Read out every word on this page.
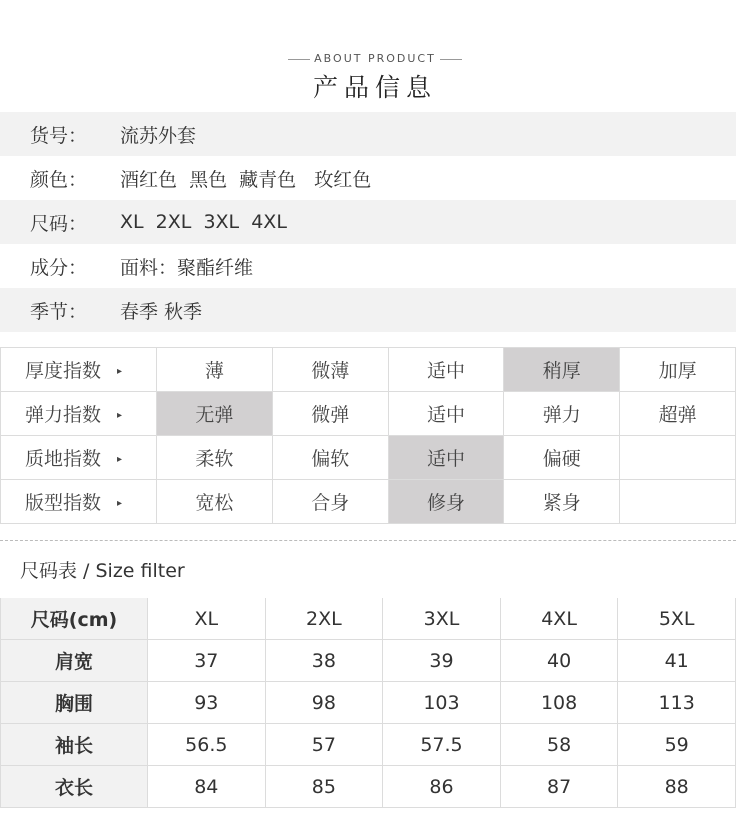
ABOUT PRODUCT
产品信息
货号：	流苏外套
颜色：	酒红色  黑色  藏青色   玫红色
尺码：	XL  2XL  3XL  4XL
成分：	面料：聚酯纤维
季节：	春季 秋季
厚度指数 ▸	薄	微薄	适中	稍厚	加厚
弹力指数 ▸	无弹	微弹	适中	弹力	超弹
质地指数 ▸	柔软	偏软	适中	偏硬	
版型指数 ▸	宽松	合身	修身	紧身	
尺码表 / Size filter
尺码(cm)	XL	2XL	3XL	4XL	5XL
肩宽	37	38	39	40	41
胸围	93	98	103	108	113
袖长	56.5	57	57.5	58	59
衣长	84	85	86	87	88
